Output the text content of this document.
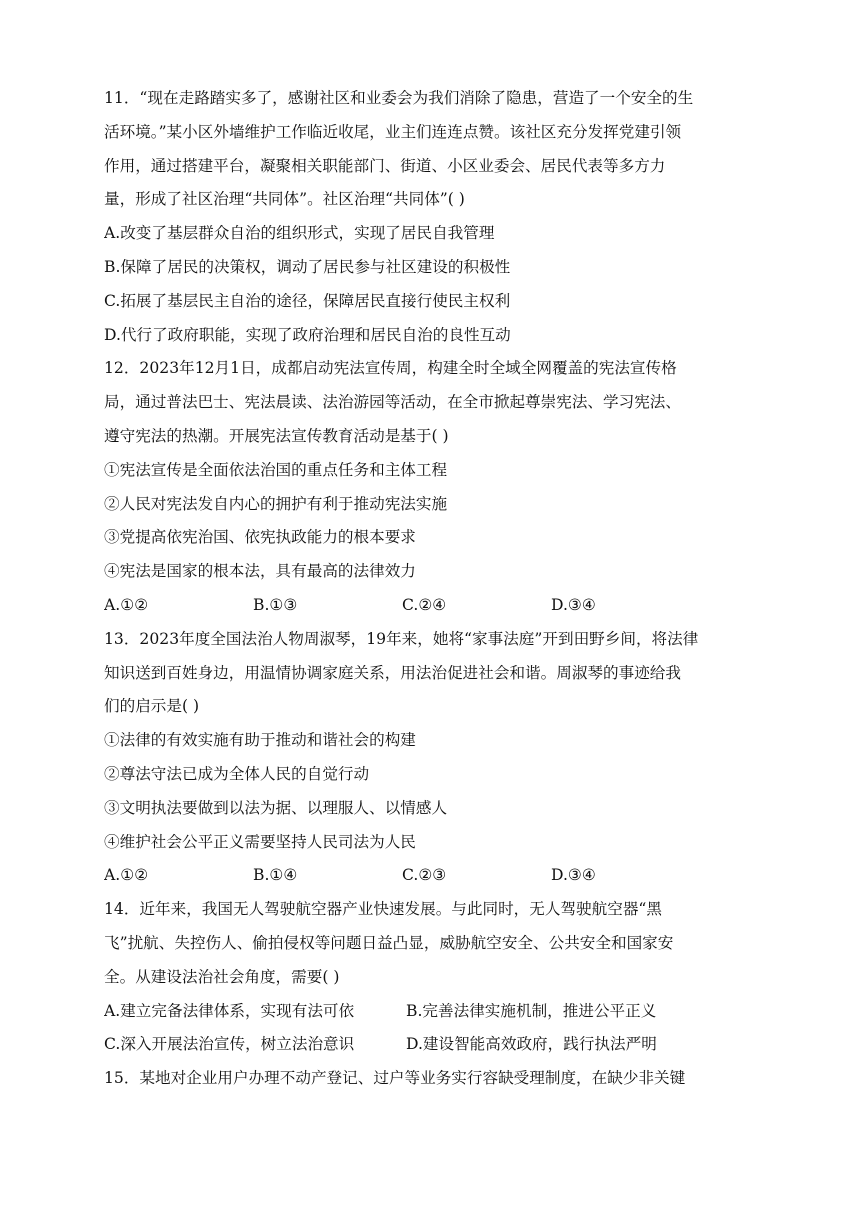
11．“现在走路踏实多了，感谢社区和业委会为我们消除了隐患，营造了一个安全的生
活环境。”某小区外墙维护工作临近收尾，业主们连连点赞。该社区充分发挥党建引领
作用，通过搭建平台，凝聚相关职能部门、街道、小区业委会、居民代表等多方力
量，形成了社区治理“共同体”。社区治理“共同体”( )
A.改变了基层群众自治的组织形式，实现了居民自我管理
B.保障了居民的决策权，调动了居民参与社区建设的积极性
C.拓展了基层民主自治的途径，保障居民直接行使民主权利
D.代行了政府职能，实现了政府治理和居民自治的良性互动
12．2023年12月1日，成都启动宪法宣传周，构建全时全域全网覆盖的宪法宣传格
局，通过普法巴士、宪法晨读、法治游园等活动，在全市掀起尊崇宪法、学习宪法、
遵守宪法的热潮。开展宪法宣传教育活动是基于( )
①宪法宣传是全面依法治国的重点任务和主体工程
②人民对宪法发自内心的拥护有利于推动宪法实施
③党提高依宪治国、依宪执政能力的根本要求
④宪法是国家的根本法，具有最高的法律效力
A.①②	B.①③	C.②④	D.③④
13．2023年度全国法治人物周淑琴，19年来，她将“家事法庭”开到田野乡间，将法律
知识送到百姓身边，用温情协调家庭关系，用法治促进社会和谐。周淑琴的事迹给我
们的启示是( )
①法律的有效实施有助于推动和谐社会的构建
②尊法守法已成为全体人民的自觉行动
③文明执法要做到以法为据、以理服人、以情感人
④维护社会公平正义需要坚持人民司法为人民
A.①②	B.①④	C.②③	D.③④
14．近年来，我国无人驾驶航空器产业快速发展。与此同时，无人驾驶航空器“黑
飞”扰航、失控伤人、偷拍侵权等问题日益凸显，威胁航空安全、公共安全和国家安
全。从建设法治社会角度，需要( )
A.建立完备法律体系，实现有法可依	B.完善法律实施机制，推进公平正义
C.深入开展法治宣传，树立法治意识	D.建设智能高效政府，践行执法严明
15．某地对企业用户办理不动产登记、过户等业务实行容缺受理制度，在缺少非关键
